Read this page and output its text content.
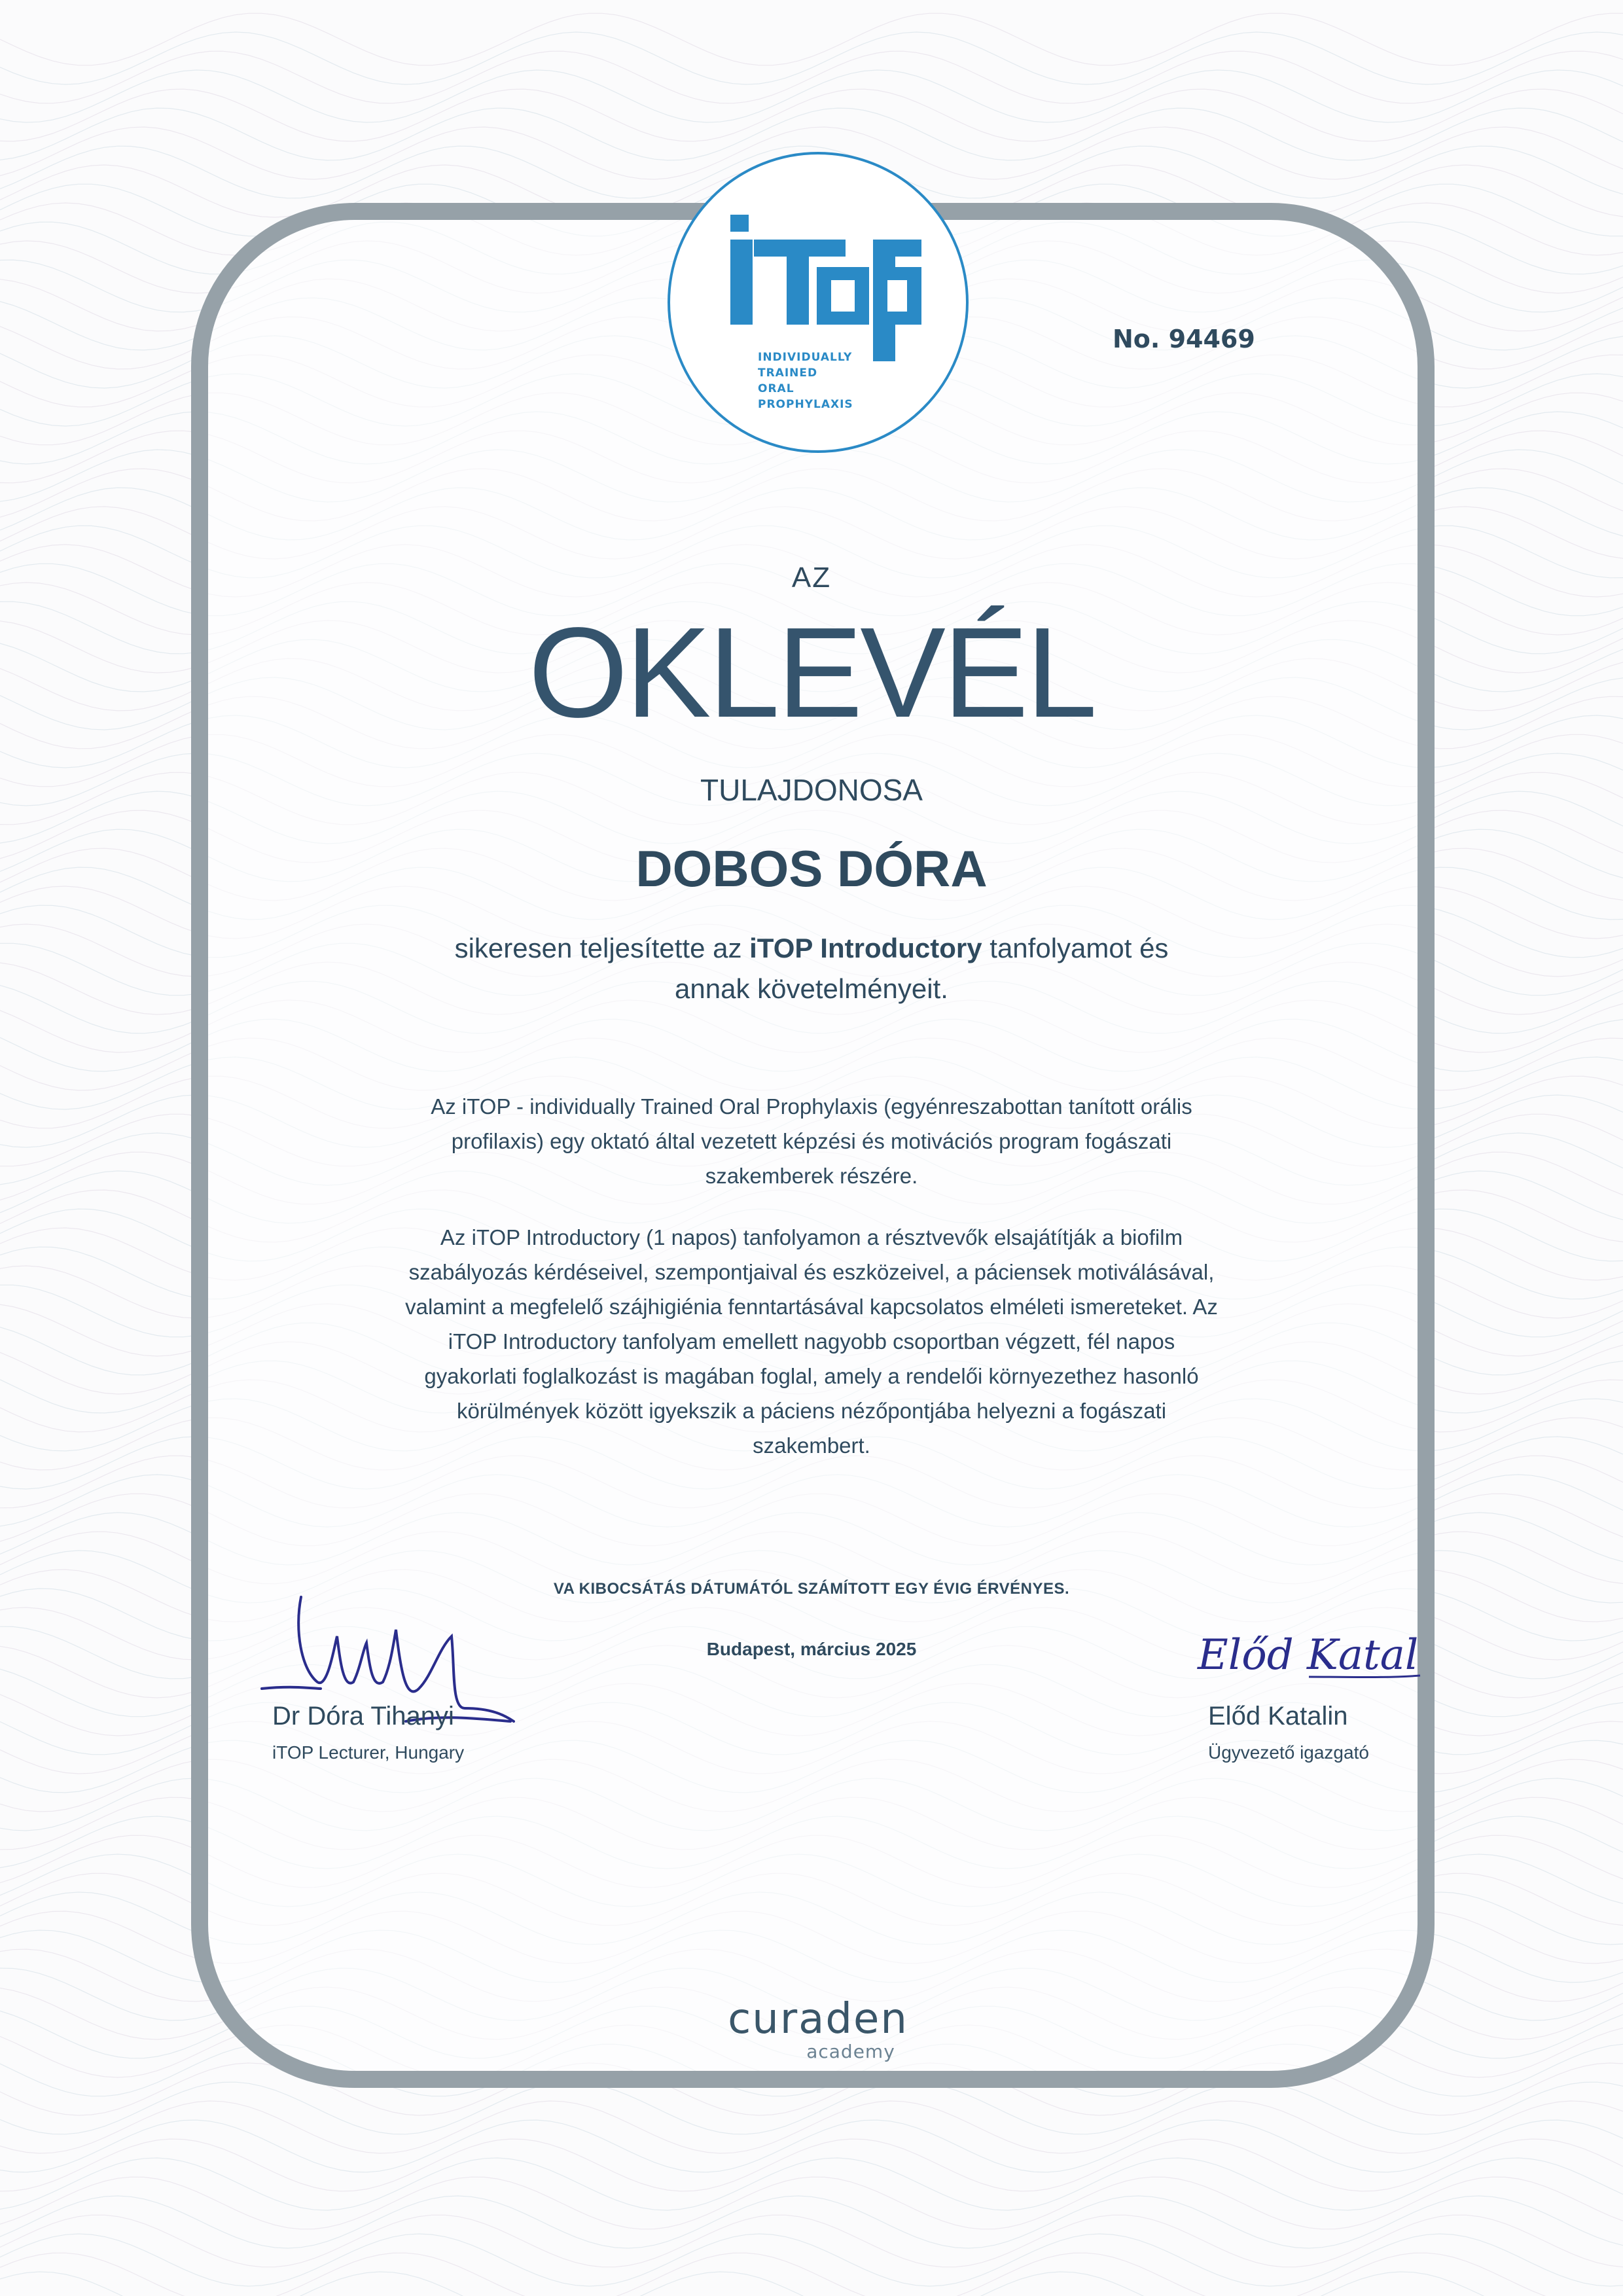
INDIVIDUALLY
TRAINED
ORAL
PROPHYLAXIS
No. 94469
AZ
OKLEVÉL
TULAJDONOSA
DOBOS DÓRA
sikeresen teljesítette az iTOP Introductory tanfolyamot és
annak követelményeit.
Az iTOP - individually Trained Oral Prophylaxis (egyénreszabottan tanított orális profilaxis) egy oktató által vezetett képzési és motivációs program fogászati szakemberek részére.
Az iTOP Introductory (1 napos) tanfolyamon a résztvevők elsajátítják a biofilm szabályozás kérdéseivel, szempontjaival és eszközeivel, a páciensek motiválásával, valamint a megfelelő szájhigiénia fenntartásával kapcsolatos elméleti ismereteket. Az iTOP Introductory tanfolyam emellett nagyobb csoportban végzett, fél napos gyakorlati foglalkozást is magában foglal, amely a rendelői környezethez hasonló körülmények között igyekszik a páciens nézőpontjába helyezni a fogászati szakembert.
VA KIBOCSÁTÁS DÁTUMÁTÓL SZÁMÍTOTT EGY ÉVIG ÉRVÉNYES.
Budapest, március 2025
Dr Dóra Tihanyi
iTOP Lecturer, Hungary
Előd Katal
Előd Katalin
Ügyvezető igazgató
curaden
academy
